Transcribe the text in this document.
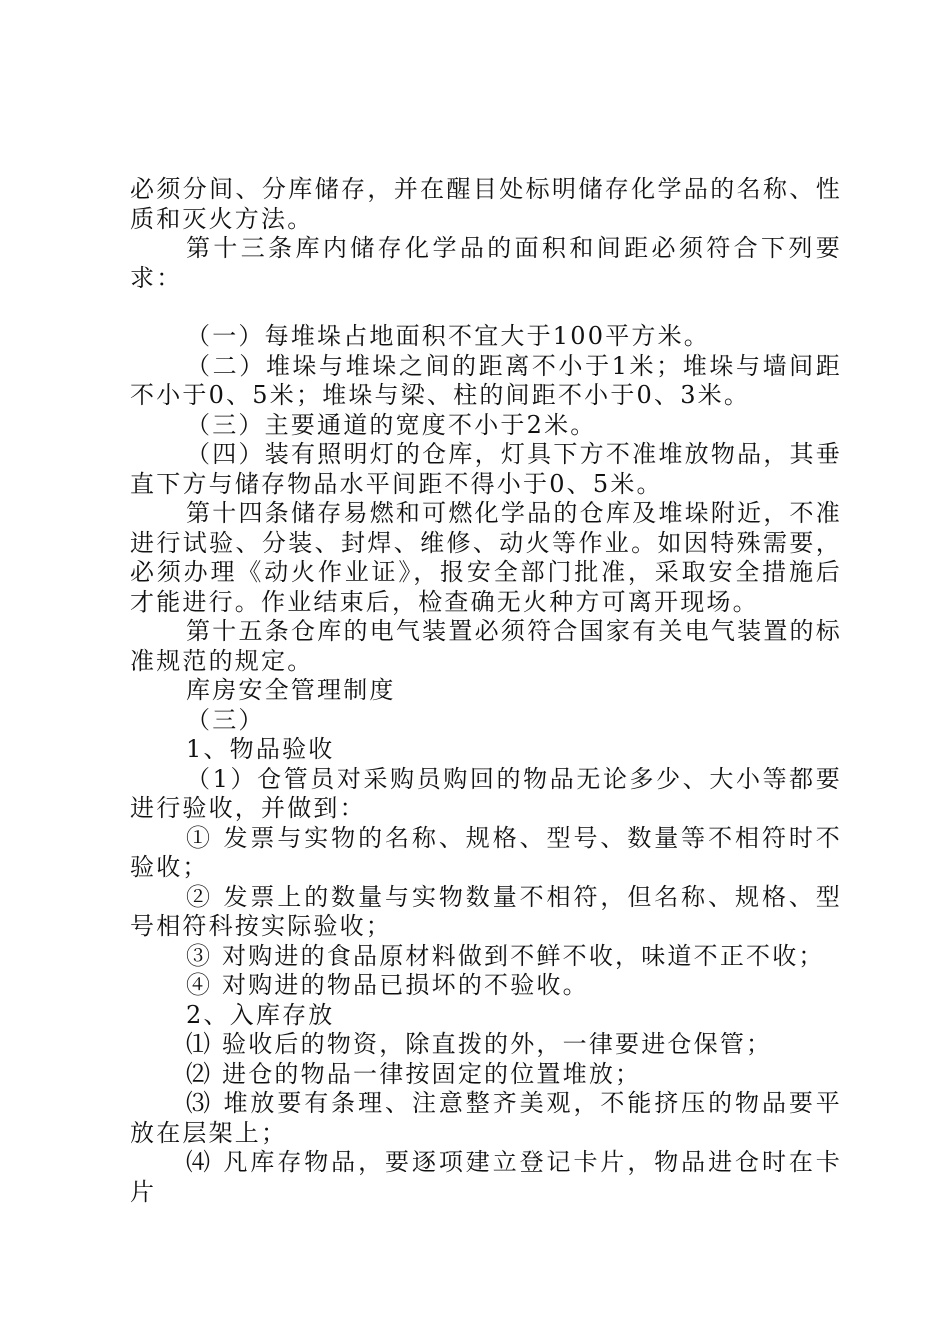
必须分间、分库储存，并在醒目处标明储存化学品的名称、性质和灭火方法。

第十三条库内储存化学品的面积和间距必须符合下列要求：

（一）每堆垛占地面积不宜大于100平方米。

（二）堆垛与堆垛之间的距离不小于1米；堆垛与墙间距不小于0、5米；堆垛与梁、柱的间距不小于0、3米。

（三）主要通道的宽度不小于2米。

（四）装有照明灯的仓库，灯具下方不准堆放物品，其垂直下方与储存物品水平间距不得小于0、5米。

第十四条储存易燃和可燃化学品的仓库及堆垛附近，不准进行试验、分装、封焊、维修、动火等作业。如因特殊需要，必须办理《动火作业证》，报安全部门批准，采取安全措施后才能进行。作业结束后，检查确无火种方可离开现场。

第十五条仓库的电气装置必须符合国家有关电气装置的标准规范的规定。

库房安全管理制度

（三）

1、物品验收

（1）仓管员对采购员购回的物品无论多少、大小等都要进行验收，并做到：

① 发票与实物的名称、规格、型号、数量等不相符时不验收；

② 发票上的数量与实物数量不相符，但名称、规格、型号相符科按实际验收；

③ 对购进的食品原材料做到不鲜不收，味道不正不收；

④ 对购进的物品已损坏的不验收。

2、入库存放

⑴ 验收后的物资，除直拨的外，一律要进仓保管；

⑵ 进仓的物品一律按固定的位置堆放；

⑶ 堆放要有条理、注意整齐美观，不能挤压的物品要平放在层架上；

⑷ 凡库存物品，要逐项建立登记卡片，物品进仓时在卡片
